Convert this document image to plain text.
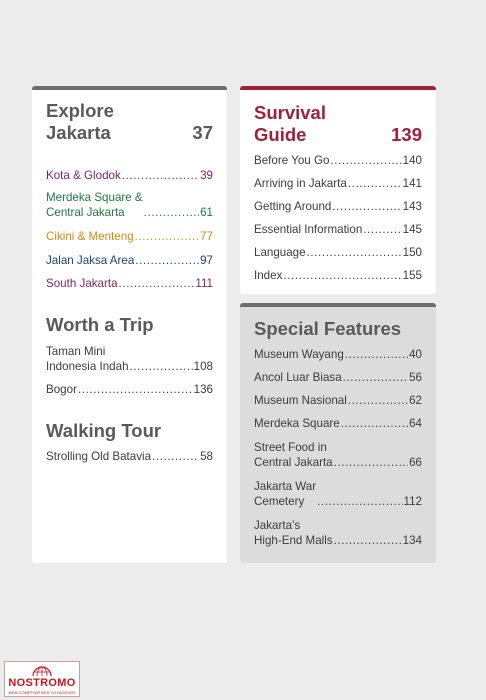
Explore
Jakarta	37
Kota & Glodok .....	39
Merdeka Square &
Central Jakarta .....	61
Cikini & Menteng .....	77
Jalan Jaksa Area .....	97
South Jakarta .....	111
Worth a Trip
Taman Mini
Indonesia Indah .....	108
Bogor .....	136
Walking Tour
Strolling Old Batavia .....	58
Survival
Guide	139
Before You Go .....	140
Arriving in Jakarta .....	141
Getting Around .....	143
Essential Information .....	145
Language .....	150
Index .....	155
Special Features
Museum Wayang .....	40
Ancol Luar Biasa .....	56
Museum Nasional .....	62
Merdeka Square .....	64
Street Food in
Central Jakarta .....	66
Jakarta War
Cemetery .....	112
Jakarta’s
High-End Malls .....	134
NOSTROMO
WEB COMPTOIR DES VOYAGEURS
